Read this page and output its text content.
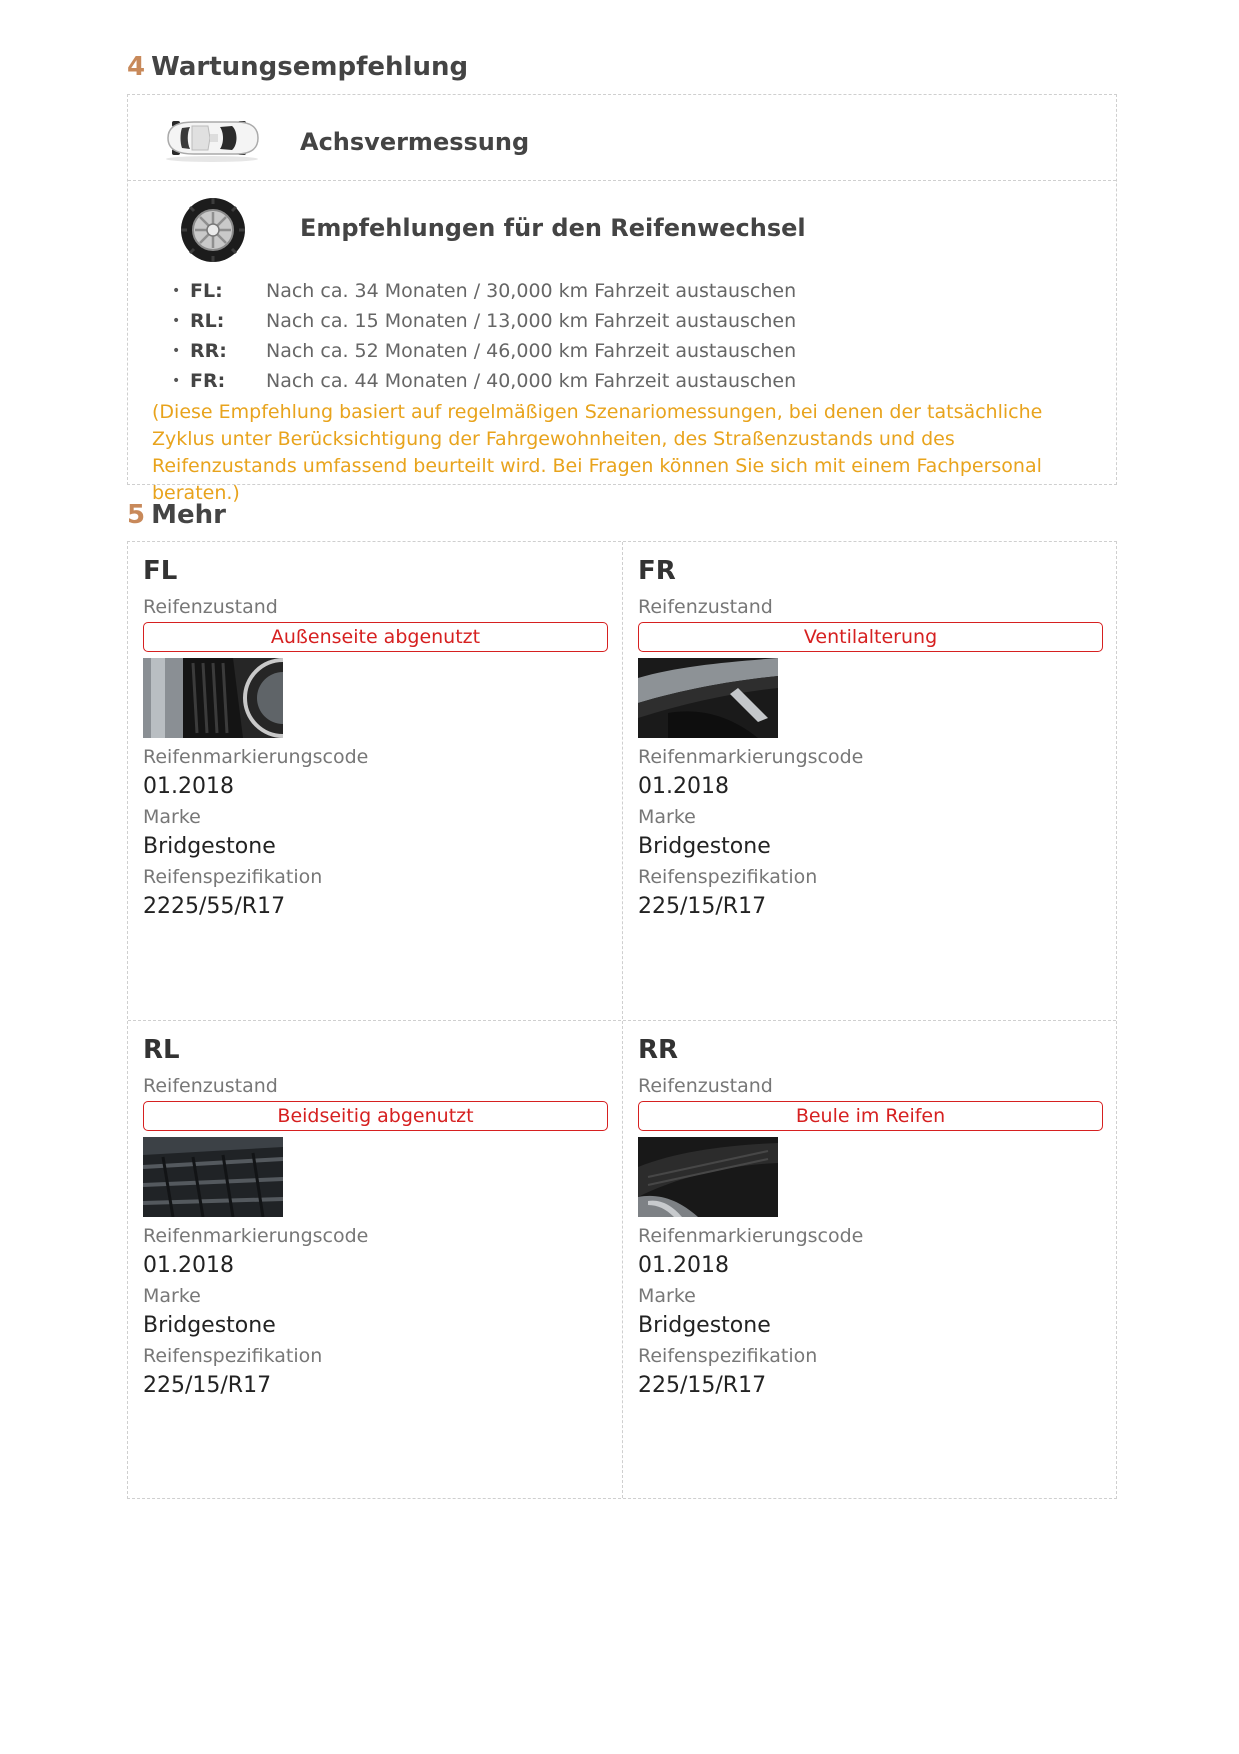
4 Wartungsempfehlung
Achsvermessung
Empfehlungen für den Reifenwechsel
• FL:	Nach ca. 34 Monaten / 30,000 km Fahrzeit austauschen
• RL:	Nach ca. 15 Monaten / 13,000 km Fahrzeit austauschen
• RR:	Nach ca. 52 Monaten / 46,000 km Fahrzeit austauschen
• FR:	Nach ca. 44 Monaten / 40,000 km Fahrzeit austauschen
(Diese Empfehlung basiert auf regelmäßigen Szenariomessungen, bei denen der tatsächliche Zyklus unter Berücksichtigung der Fahrgewohnheiten, des Straßenzustands und des Reifenzustands umfassend beurteilt wird. Bei Fragen können Sie sich mit einem Fachpersonal beraten.)
5 Mehr
FL
Reifenzustand
Außenseite abgenutzt
Reifenmarkierungscode
01.2018
Marke
Bridgestone
Reifenspezifikation
2225/55/R17
FR
Reifenzustand
Ventilalterung
Reifenmarkierungscode
01.2018
Marke
Bridgestone
Reifenspezifikation
225/15/R17
RL
Reifenzustand
Beidseitig abgenutzt
Reifenmarkierungscode
01.2018
Marke
Bridgestone
Reifenspezifikation
225/15/R17
RR
Reifenzustand
Beule im Reifen
Reifenmarkierungscode
01.2018
Marke
Bridgestone
Reifenspezifikation
225/15/R17
